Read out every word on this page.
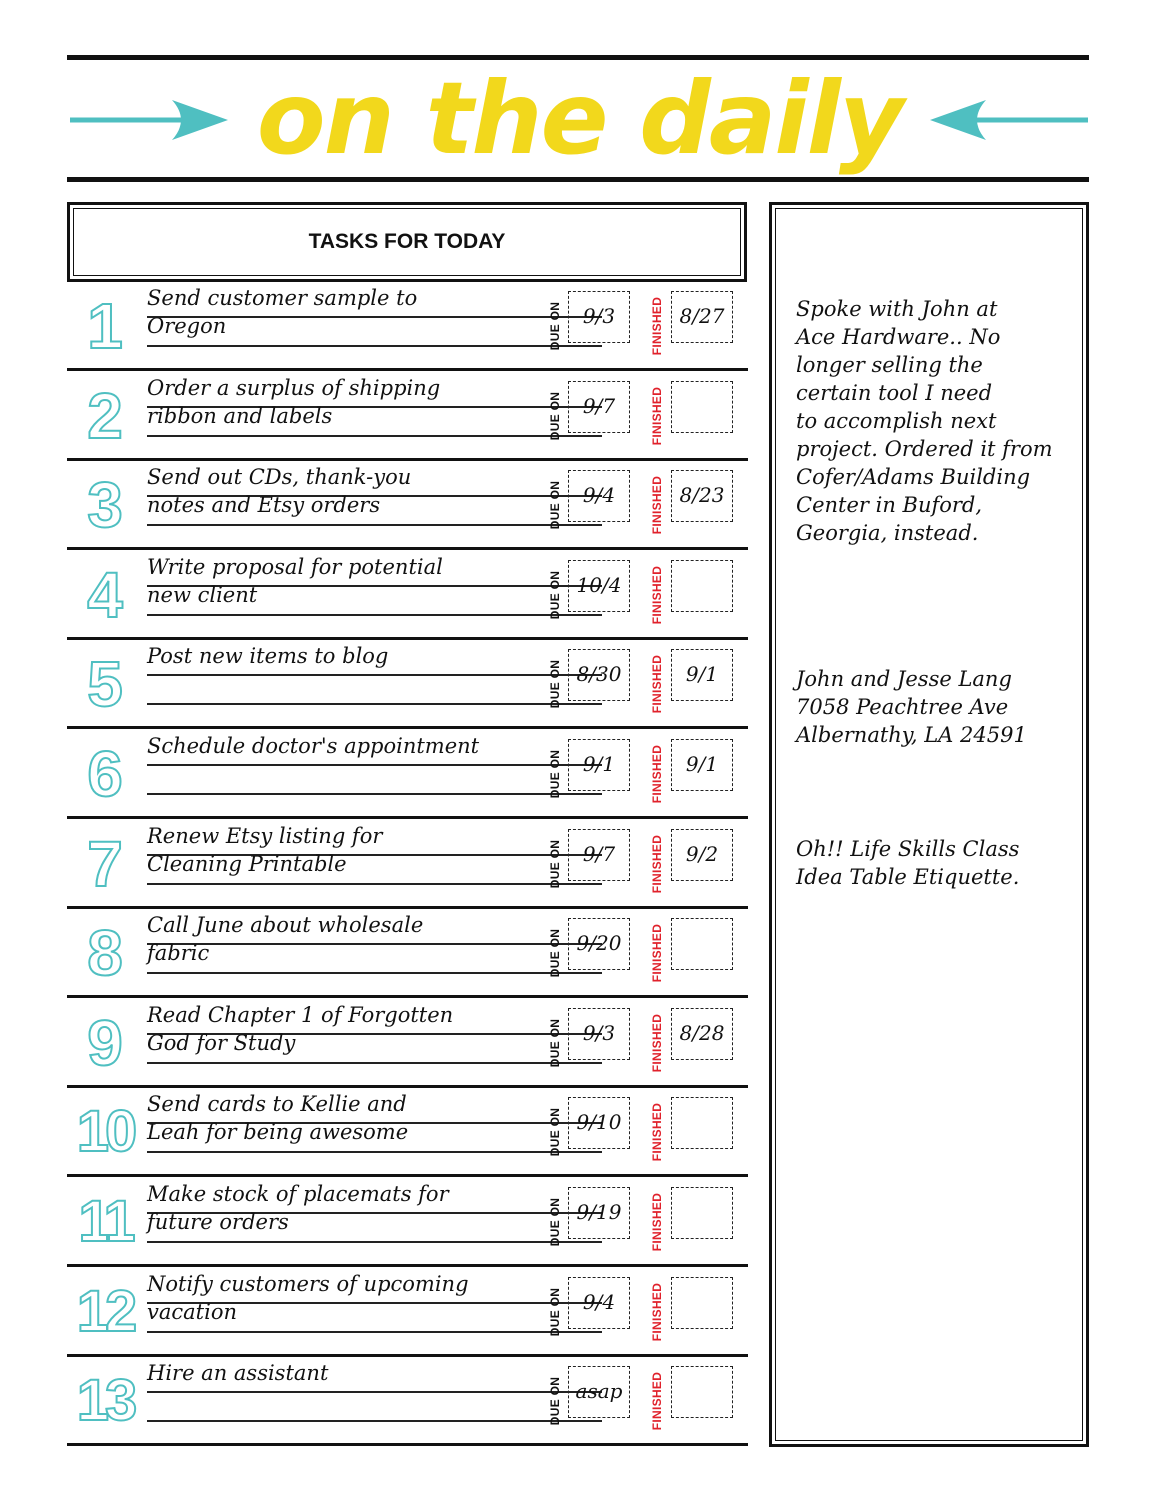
on the daily
TASKS FOR TODAY
1	Send customer sample to
Oregon	DUE ON	9/3	FINISHED 8/27
2	Order a surplus of shipping
ribbon and labels	DUE ON	9/7	FINISHED
3	Send out CDs, thank-you
notes and Etsy orders	DUE ON	9/4	FINISHED 8/23
4	Write proposal for potential
new client	DUE ON 10/4	FINISHED
5	Post new items to blog
DUE ON 8/30	FINISHED	9/1
6	Schedule doctor's appointment
DUE ON	9/1	FINISHED	9/1
7	Renew Etsy listing for
Cleaning Printable	DUE ON	9/7	FINISHED	9/2
8	Call June about wholesale
fabric	DUE ON 9/20	FINISHED
9	Read Chapter 1 of Forgotten
God for Study	DUE ON	9/3	FINISHED 8/28
10 Send cards to Kellie and
Leah for being awesome	DUE ON 9/10	FINISHED
11 Make stock of placemats for
future orders	DUE ON 9/19	FINISHED
12 Notify customers of upcoming
vacation	DUE ON	9/4	FINISHED
13 Hire an assistant
DUE ON asap	FINISHED
Spoke with John at
Ace Hardware.. No
longer selling the
certain tool I need
to accomplish next
project. Ordered it from
Cofer/Adams Building
Center in Buford,
Georgia, instead.
John and Jesse Lang
7058 Peachtree Ave
Albernathy, LA 24591
Oh!! Life Skills Class
Idea Table Etiquette.
